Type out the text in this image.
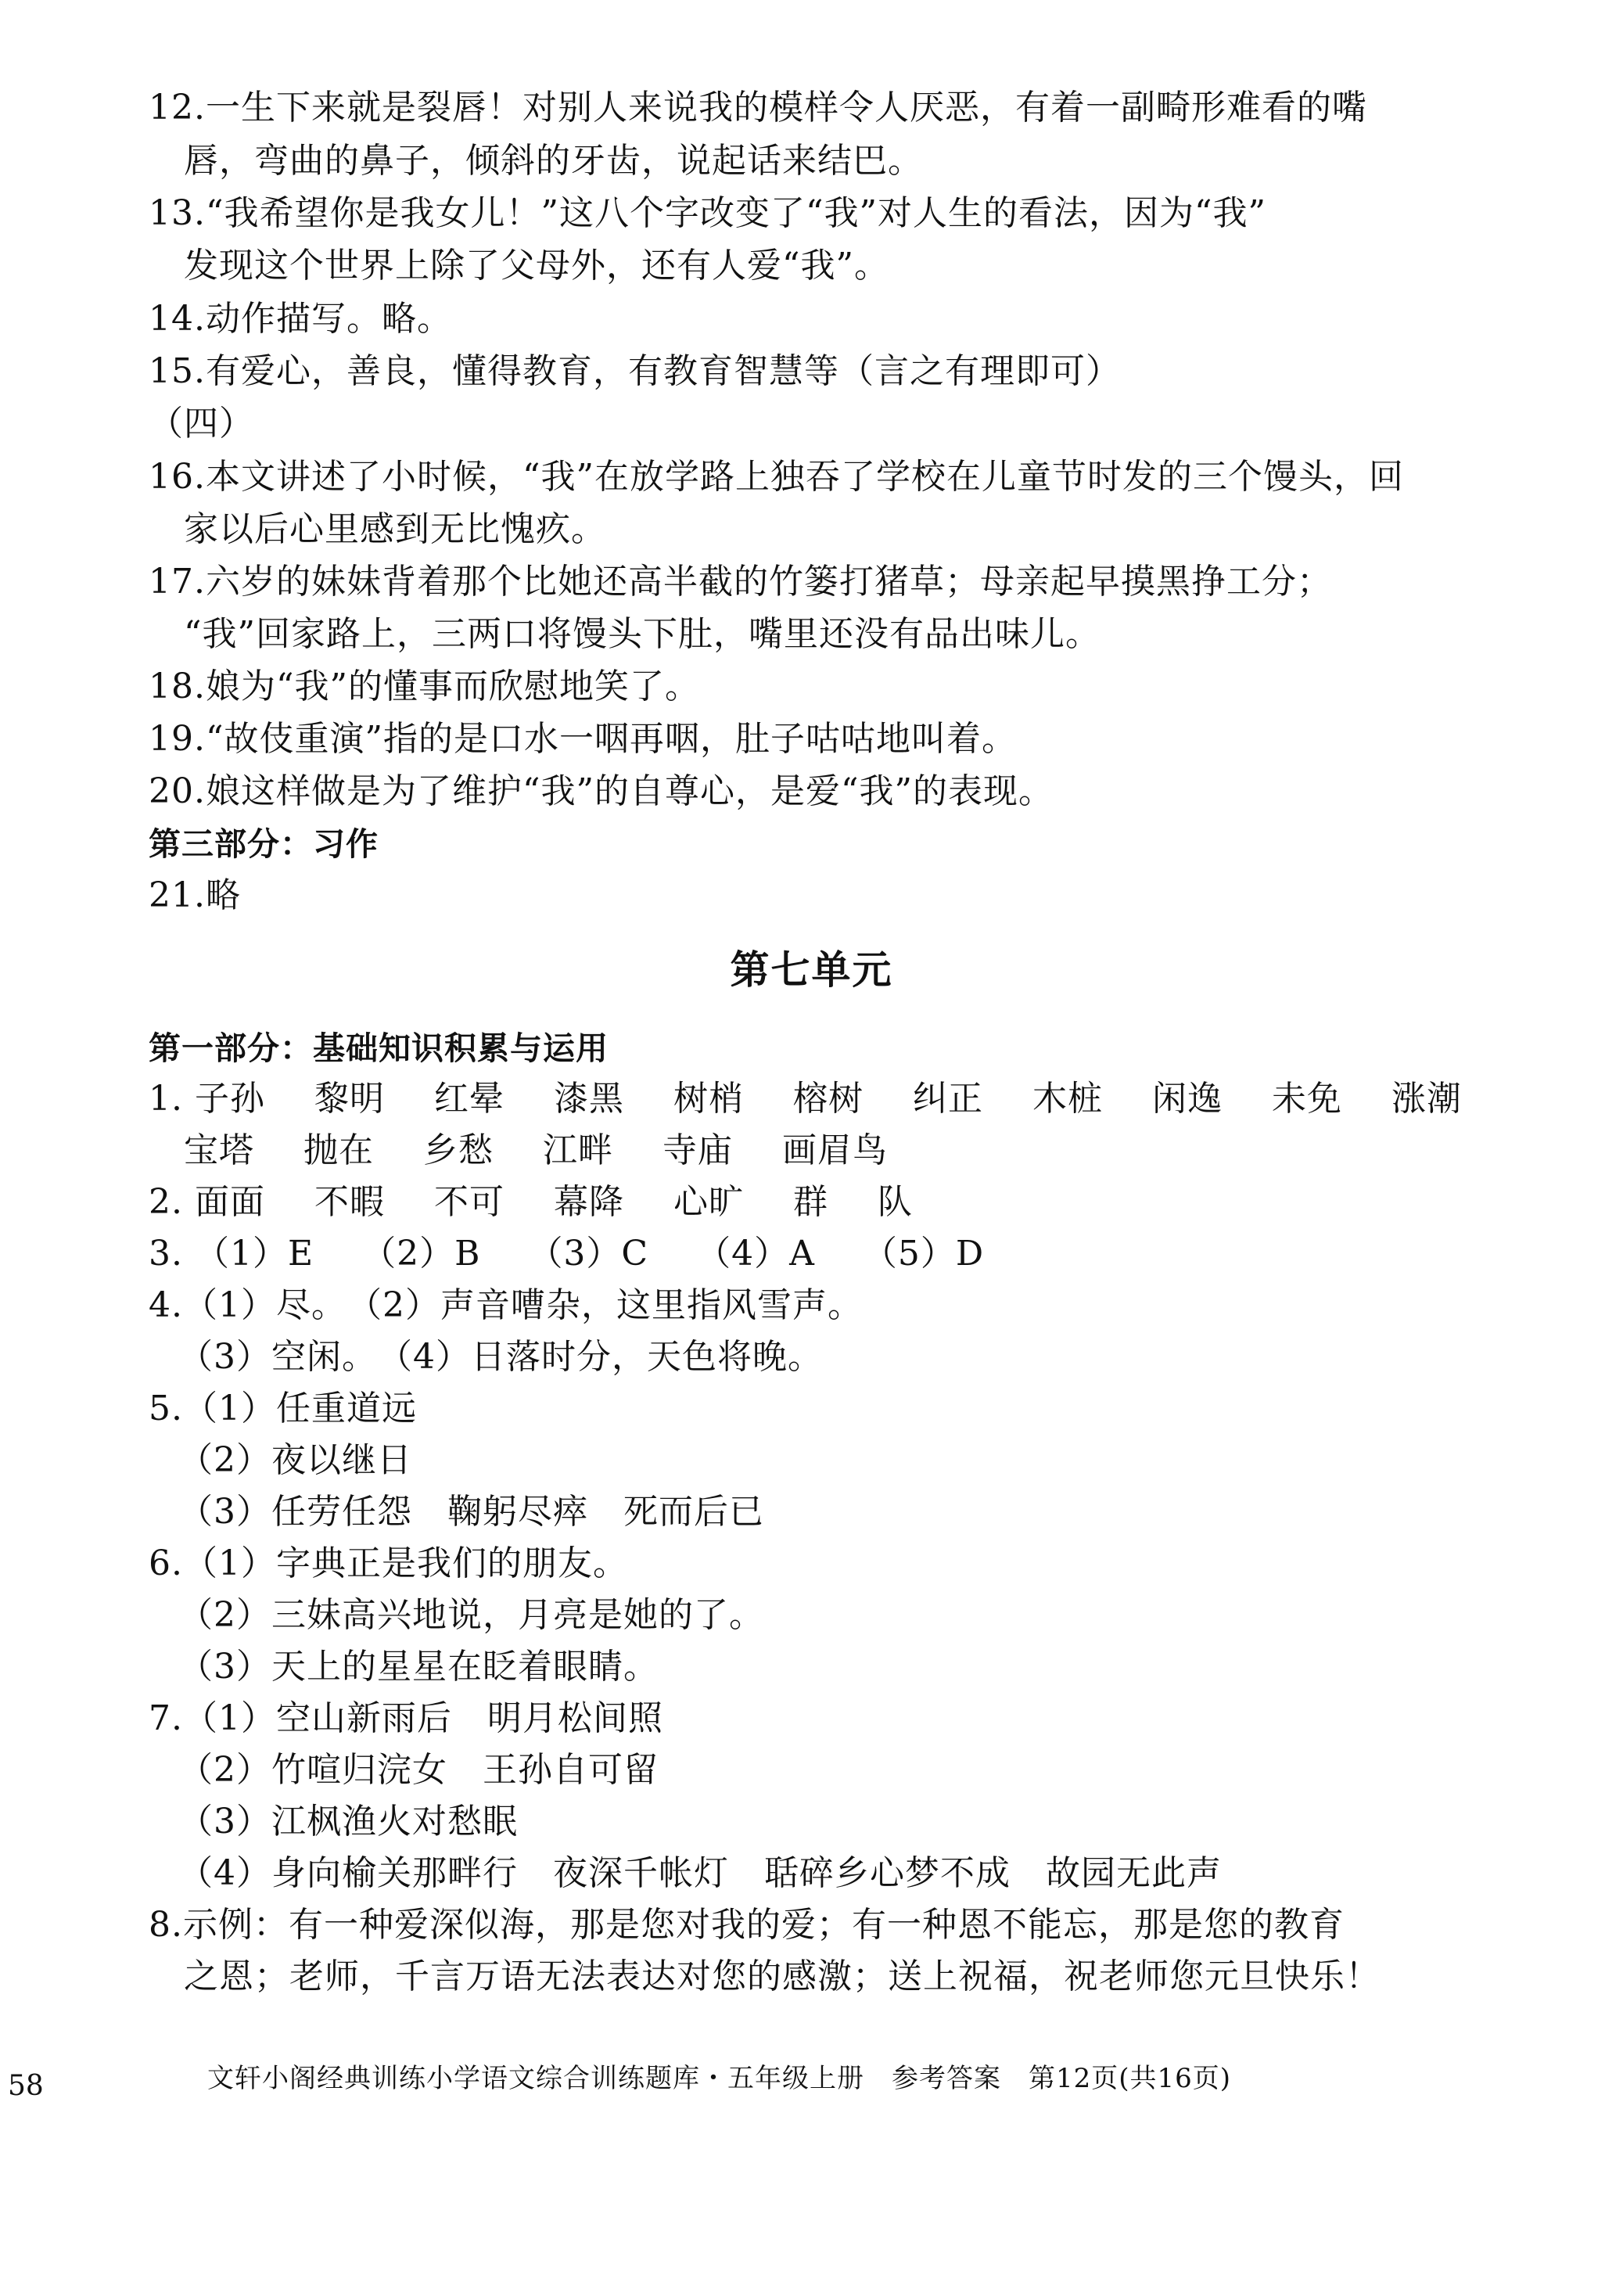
12.一生下来就是裂唇！对别人来说我的模样令人厌恶，有着一副畸形难看的嘴
唇，弯曲的鼻子，倾斜的牙齿，说起话来结巴。
13.“我希望你是我女儿！”这八个字改变了“我”对人生的看法，因为“我”
发现这个世界上除了父母外，还有人爱“我”。
14.动作描写。略。
15.有爱心，善良，懂得教育，有教育智慧等（言之有理即可）
（四）
16.本文讲述了小时候，“我”在放学路上独吞了学校在儿童节时发的三个馒头，回
家以后心里感到无比愧疚。
17.六岁的妹妹背着那个比她还高半截的竹篓打猪草；母亲起早摸黑挣工分；
“我”回家路上，三两口将馒头下肚，嘴里还没有品出味儿。
18.娘为“我”的懂事而欣慰地笑了。
19.“故伎重演”指的是口水一咽再咽，肚子咕咕地叫着。
20.娘这样做是为了维护“我”的自尊心，是爱“我”的表现。
第三部分：习作
21.略
第七单元
第一部分：基础知识积累与运用
1. 子孙 黎明 红晕 漆黑 树梢 榕树 纠正 木桩 闲逸 未免 涨潮
宝塔 抛在 乡愁 江畔 寺庙 画眉鸟
2. 面面 不暇 不可 幕降 心旷 群 队
3. （1）E （2）B （3）C （4）A （5）D
4.（1）尽。　（2）声音嘈杂，这里指风雪声。
（3）空闲。　（4）日落时分，天色将晚。
5.（1）任重道远
（2）夜以继日
（3）任劳任怨　鞠躬尽瘁　死而后已
6.（1）字典正是我们的朋友。
（2）三妹高兴地说，月亮是她的了。
（3）天上的星星在眨着眼睛。
7.（1）空山新雨后　明月松间照
（2）竹喧归浣女　王孙自可留
（3）江枫渔火对愁眠
（4）身向榆关那畔行　夜深千帐灯　聒碎乡心梦不成　故园无此声
8.示例：有一种爱深似海，那是您对我的爱；有一种恩不能忘，那是您的教育
之恩；老师，千言万语无法表达对您的感激；送上祝福，祝老师您元旦快乐！
58	文轩小阁经典训练小学语文综合训练题库・五年级上册　参考答案　第12页(共16页)
